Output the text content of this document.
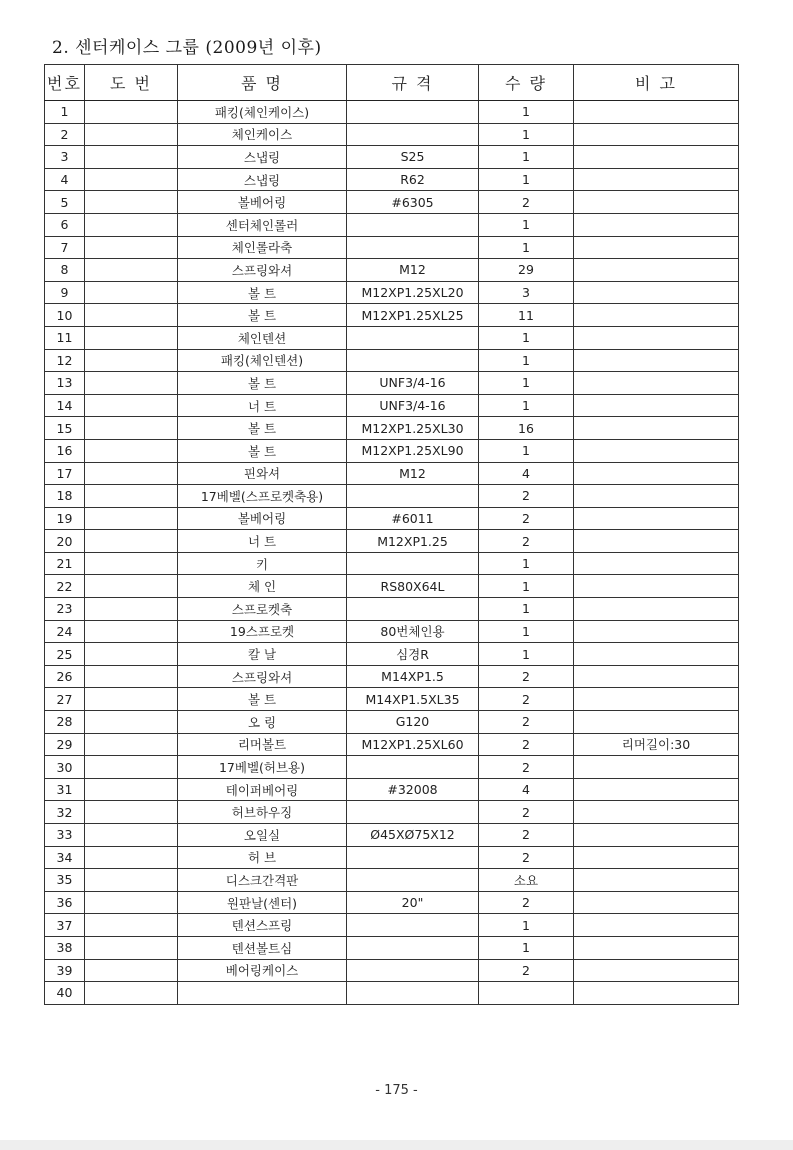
2. 센터케이스 그룹 (2009년 이후)
번호	도 번	품 명	규 격	수 량	비 고
1		패킹(체인케이스)		1	
2		체인케이스		1	
3		스냅링	S25	1	
4		스냅링	R62	1	
5		볼베어링	#6305	2	
6		센터체인롤러		1	
7		체인롤라축		1	
8		스프링와셔	M12	29	
9		볼 트	M12XP1.25XL20	3	
10		볼 트	M12XP1.25XL25	11	
11		체인텐션		1	
12		패킹(체인텐션)		1	
13		볼 트	UNF3/4-16	1	
14		너 트	UNF3/4-16	1	
15		볼 트	M12XP1.25XL30	16	
16		볼 트	M12XP1.25XL90	1	
17		핀와셔	M12	4	
18		17베벨(스프로켓축용)		2	
19		볼베어링	#6011	2	
20		너 트	M12XP1.25	2	
21		키		1	
22		체 인	RS80X64L	1	
23		스프로켓축		1	
24		19스프로켓	80번체인용	1	
25		칼 날	심경R	1	
26		스프링와셔	M14XP1.5	2	
27		볼 트	M14XP1.5XL35	2	
28		오 링	G120	2	
29		리머볼트	M12XP1.25XL60	2	리머길이:30
30		17베벨(허브용)		2	
31		테이퍼베어링	#32008	4	
32		허브하우징		2	
33		오일실	Ø45XØ75X12	2	
34		허 브		2	
35		디스크간격판		소요	
36		원판날(센터)	20"	2	
37		텐션스프링		1	
38		텐션볼트심		1	
39		베어링케이스		2	
40					
- 175 -
